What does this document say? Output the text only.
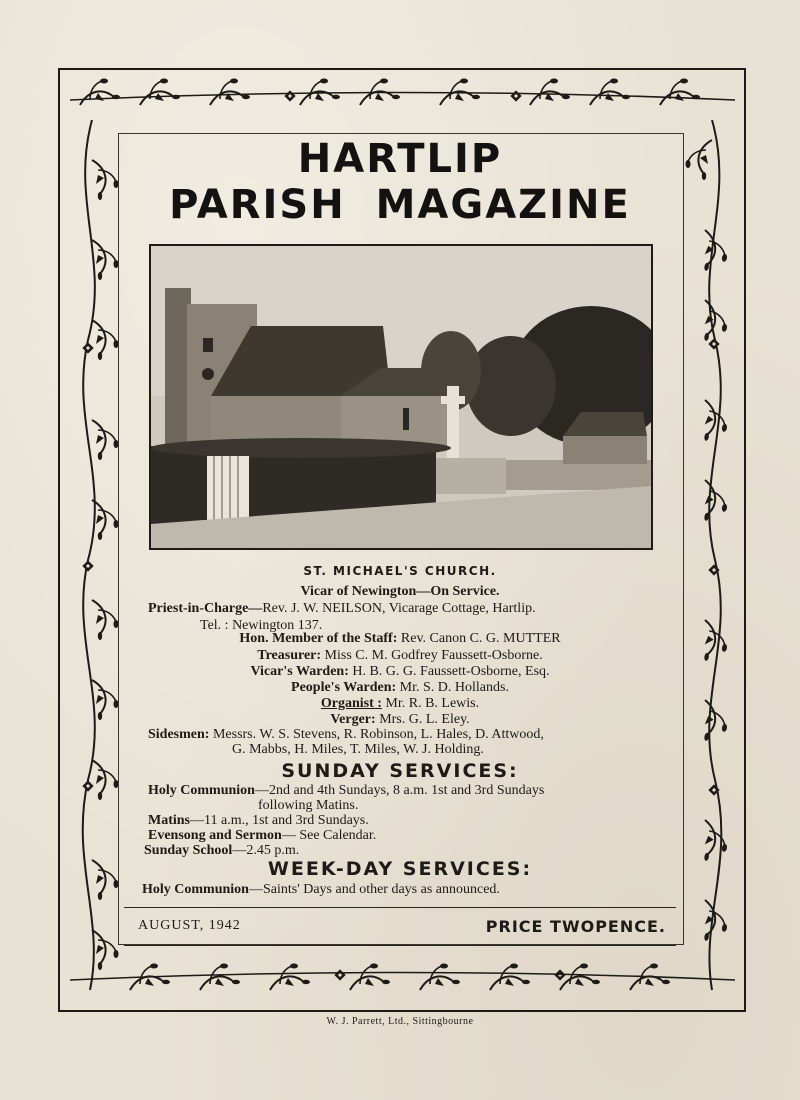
HARTLIP
PARISH MAGAZINE
ST. MICHAEL'S CHURCH.
Vicar of Newington—On Service.
Priest-in-Charge—Rev. J. W. NEILSON, Vicarage Cottage, Hartlip.
Tel. : Newington 137.
Hon. Member of the Staff: Rev. Canon C. G. MUTTER
Treasurer: Miss C. M. Godfrey Faussett-Osborne.
Vicar's Warden: H. B. G. G. Faussett-Osborne, Esq.
People's Warden: Mr. S. D. Hollands.
Organist : Mr. R. B. Lewis.
Verger: Mrs. G. L. Eley.
Sidesmen: Messrs. W. S. Stevens, R. Robinson, L. Hales, D. Attwood,
G. Mabbs, H. Miles, T. Miles, W. J. Holding.
SUNDAY SERVICES:
Holy Communion—2nd and 4th Sundays, 8 a.m. 1st and 3rd Sundays
following Matins.
Matins—11 a.m., 1st and 3rd Sundays.
Evensong and Sermon— See Calendar.
Sunday School—2.45 p.m.
WEEK-DAY SERVICES:
Holy Communion—Saints' Days and other days as announced.
AUGUST, 1942	PRICE TWOPENCE.
W. J. Parrett, Ltd., Sittingbourne
